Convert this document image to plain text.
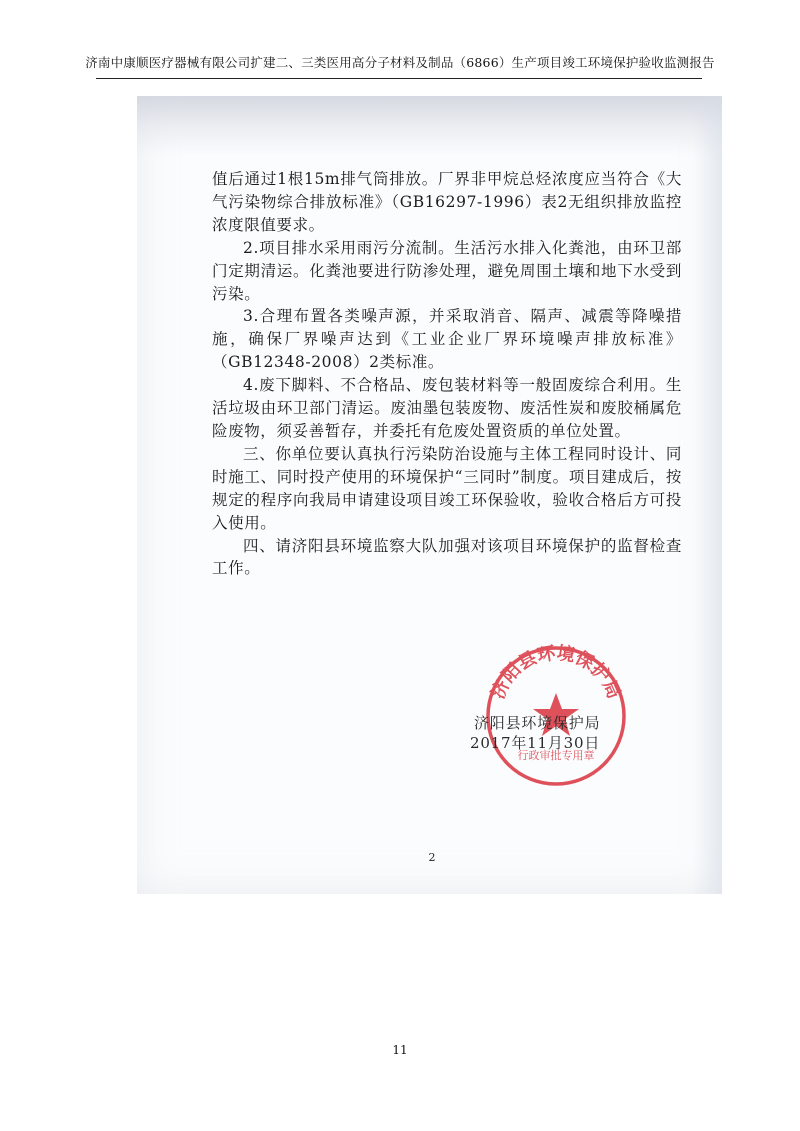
济南中康顺医疗器械有限公司扩建二、三类医用高分子材料及制品（6866）生产项目竣工环境保护验收监测报告

值后通过1根15m排气筒排放。厂界非甲烷总烃浓度应当符合《大气污染物综合排放标准》（GB16297-1996）表2无组织排放监控浓度限值要求。

2.项目排水采用雨污分流制。生活污水排入化粪池，由环卫部门定期清运。化粪池要进行防渗处理，避免周围土壤和地下水受到污染。

3.合理布置各类噪声源，并采取消音、隔声、减震等降噪措施，确保厂界噪声达到《工业企业厂界环境噪声排放标准》（GB12348-2008）2类标准。

4.废下脚料、不合格品、废包装材料等一般固废综合利用。生活垃圾由环卫部门清运。废油墨包装废物、废活性炭和废胶桶属危险废物，须妥善暂存，并委托有危废处置资质的单位处置。

三、你单位要认真执行污染防治设施与主体工程同时设计、同时施工、同时投产使用的环境保护“三同时”制度。项目建成后，按规定的程序向我局申请建设项目竣工环保验收，验收合格后方可投入使用。

四、请济阳县环境监察大队加强对该项目环境保护的监督检查工作。

济阳县环境保护局
行政审批专用章
济阳县环境保护局
2017年11月30日
2
11
